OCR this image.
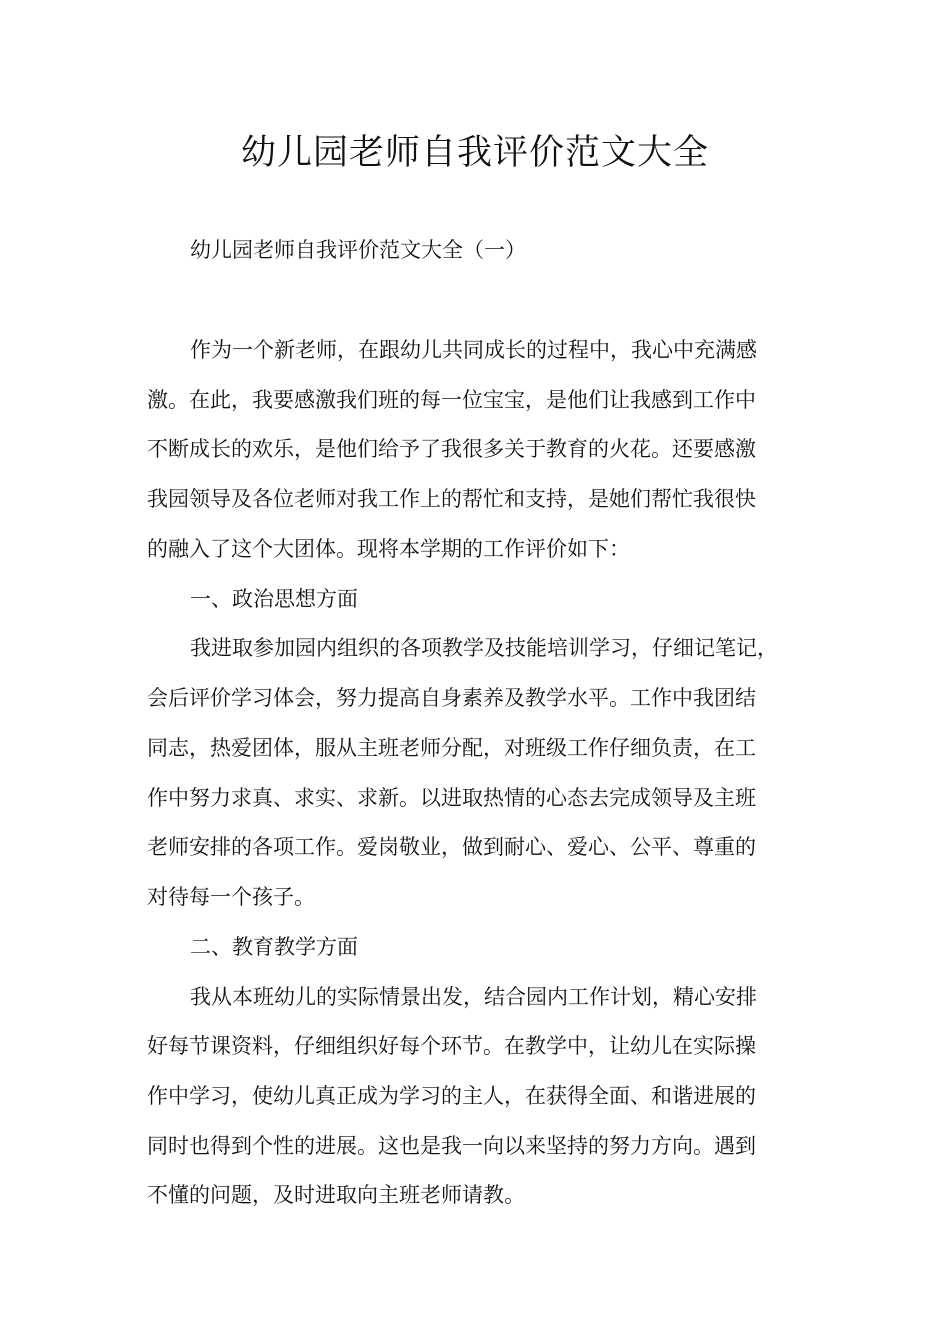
幼儿园老师自我评价范文大全

幼儿园老师自我评价范文大全（一）

作为一个新老师，在跟幼儿共同成长的过程中，我心中充满感

激。在此，我要感激我们班的每一位宝宝，是他们让我感到工作中

不断成长的欢乐，是他们给予了我很多关于教育的火花。还要感激

我园领导及各位老师对我工作上的帮忙和支持，是她们帮忙我很快

的融入了这个大团体。现将本学期的工作评价如下：

一、政治思想方面

我进取参加园内组织的各项教学及技能培训学习，仔细记笔记，

会后评价学习体会，努力提高自身素养及教学水平。工作中我团结

同志，热爱团体，服从主班老师分配，对班级工作仔细负责，在工

作中努力求真、求实、求新。以进取热情的心态去完成领导及主班

老师安排的各项工作。爱岗敬业，做到耐心、爱心、公平、尊重的

对待每一个孩子。

二、教育教学方面

我从本班幼儿的实际情景出发，结合园内工作计划，精心安排

好每节课资料，仔细组织好每个环节。在教学中，让幼儿在实际操

作中学习，使幼儿真正成为学习的主人，在获得全面、和谐进展的

同时也得到个性的进展。这也是我一向以来坚持的努力方向。遇到

不懂的问题，及时进取向主班老师请教。
